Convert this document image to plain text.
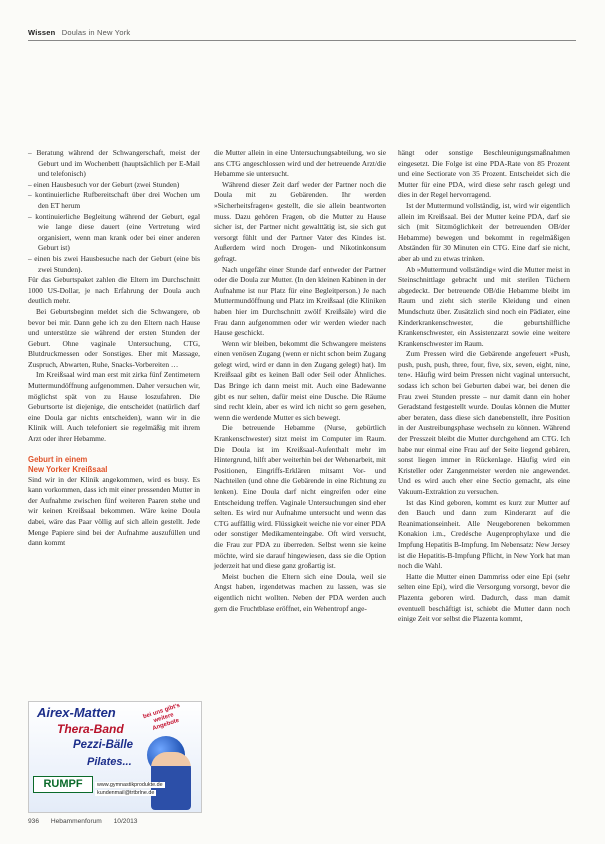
Wissen Doulas in New York
– Beratung während der Schwangerschaft, meist der Geburt und im Wochenbett (hauptsächlich per E-Mail und telefonisch)
– einen Hausbesuch vor der Geburt (zwei Stunden)
– kontinuierliche Rufbereitschaft über drei Wochen um den ET herum
– kontinuierliche Begleitung während der Geburt, egal wie lange diese dauert (eine Vertretung wird organisiert, wenn man krank oder bei einer anderen Geburt ist)
– einen bis zwei Hausbesuche nach der Geburt (eine bis zwei Stunden).

Für das Geburtspaket zahlen die Eltern im Durchschnitt 1000 US-Dollar, je nach Erfahrung der Doula auch deutlich mehr.

Bei Geburtsbeginn meldet sich die Schwangere, ob bevor bei mir. Dann gehe ich zu den Eltern nach Hause und unterstütze sie während der ersten Stunden der Geburt. Ohne vaginale Untersuchung, CTG, Blutdruckmessen oder Sonstiges. Eher mit Massage, Zuspruch, Abwarten, Ruhe, Snacks-Vorbereiten …

Im Kreißsaal wird man erst mit zirka fünf Zentimetern Muttermundöffnung aufgenommen. Daher versuchen wir, möglichst spät von zu Hause loszufahren. Die Geburtsorte ist diejenige, die entscheidet (natürlich darf eine Doula gar nichts entscheiden), wann wir in die Klinik will. Auch telefoniert sie regelmäßig mit ihrem Arzt oder ihrer Hebamme.

Geburt in einem
New Yorker Kreißsaal

Sind wir in der Klinik angekommen, wird es busy. Es kann vorkommen, dass ich mit einer pressenden Mutter in der Aufnahme zwischen fünf weiteren Paaren stehe und wir keinen Kreißsaal bekommen. Wäre keine Doula dabei, wäre das Paar völlig auf sich allein gestellt. Jede Menge Papiere sind bei der Aufnahme auszufüllen und dann kommt

die Mutter allein in eine Untersuchungsabteilung, wo sie ans CTG angeschlossen wird und der hetreuende Arzt/die Hebamme sie untersucht.

Während dieser Zeit darf weder der Partner noch die Doula mit zu Gebärenden. Ihr werden »Sicherheitsfragen« gestellt, die sie allein beantworten muss. Dazu gehören Fragen, ob die Mutter zu Hause sicher ist, der Partner nicht gewalttätig ist, sie sich gut versorgt fühlt und der Partner Vater des Kindes ist. Außerdem wird noch Drogen- und Nikotinkonsum gefragt.

Nach ungefähr einer Stunde darf entweder der Partner oder die Doula zur Mutter. (In den kleinen Kabinen in der Aufnahme ist nur Platz für eine Begleitperson.) Je nach Muttermundöffnung und Platz im Kreißsaal (die Kliniken haben hier im Durchschnitt zwölf Kreißsäle) wird die Frau dann aufgenommen oder wir werden wieder nach Hause geschickt.

Wenn wir bleiben, bekommt die Schwangere meistens einen venösen Zugang (wenn er nicht schon beim Zugang gelegt wird, wird er dann in den Zugang gelegt) hat). Im Kreißsaal gibt es keinen Ball oder Seil oder Ähnliches. Das Bringe ich dann meist mit. Auch eine Badewanne gibt es nur selten, dafür meist eine Dusche. Die Räume sind recht klein, aber es wird ich nicht so gern gesehen, wenn die werdende Mutter es sich bewegt.

Die betreuende Hebamme (Nurse, gebürtlich Krankenschwester) sitzt meist im Computer im Raum. Die Doula ist im Kreißsaal-Aufenthalt mehr im Hintergrund, hilft aber weiterhin bei der Wehenarbeit, mit Positionen, Eingriffs-Erklären mitsamt Vor- und Nachteilen (und ohne die Gebärende in eine Richtung zu lenken). Eine Doula darf nicht eingreifen oder eine Entscheidung treffen. Vaginale Untersuchungen sind eher selten. Es wird nur Aufnahme untersucht und wenn das CTG auffällig wird. Flüssigkeit weiche nie vor einer PDA oder sonstiger Medikamenteingabe. Oft wird versucht, die Frau zur PDA zu überreden. Selbst wenn sie keine möchte, wird sie darauf hingewiesen, dass sie die Option jederzeit hat und diese ganz großartig ist.

Meist buchen die Eltern sich eine Doula, weil sie Angst haben, irgendetwas machen zu lassen, was sie eigentlich nicht wollten. Neben der PDA werden auch gern die Fruchtblase eröffnet, ein Wehentropf ange-

hängt oder sonstige Beschleunigungsmaßnahmen eingesetzt. Die Folge ist eine PDA-Rate von 85 Prozent und eine Sectiorate von 35 Prozent. Entscheidet sich die Mutter für eine PDA, wird diese sehr rasch gelegt und dies in der Regel hervorragend.

Ist der Muttermund vollständig, ist, wird wir eigentlich allein im Kreißsaal. Bei der Mutter keine PDA, darf sie sich (mit Sitzmöglichkeit der betreuenden OB/der Hebamme) bewegen und bekommt in regelmäßigen Abständen für 30 Minuten ein CTG. Eine darf sie nicht, aber ab und zu etwas trinken.

Ab »Muttermund vollständig« wird die Mutter meist in Steinschnittlage gebracht und mit sterilen Tüchern abgedeckt. Der betreuende OB/die Hebamme bleibt im Raum und zieht sich sterile Kleidung und einen Mundschutz über. Zusätzlich sind noch ein Pädiater, eine Kinderkrankenschwester, die geburtshilfliche Krankenschwester, ein Assistenzarzt sowie eine weitere Krankenschwester im Raum.

Zum Pressen wird die Gebärende angefeuert »Push, push, push, push, three, four, five, six, seven, eight, nine, ten«. Häufig wird beim Pressen nicht vaginal untersucht, sodass ich schon bei Geburten dabei war, bei denen die Frau zwei Stunden presste – nur damit dann ein hoher Geradstand festgestellt wurde. Doulas können die Mutter aber beraten, dass diese sich danebenstellt, ihre Position in der Austreibungsphase wechseln zu können. Während der Presszeit bleibt die Mutter durchgehend am CTG. Ich habe nur einmal eine Frau auf der Seite liegend gebären, sonst liegen immer in Rückenlage. Häufig wird ein Kristeller oder Zangenmeister werden nie angewendet. Und es wird auch eher eine Sectio gemacht, als eine Vakuum-Extraktion zu versuchen.

Ist das Kind geboren, kommt es kurz zur Mutter auf den Bauch und dann zum Kinderarzt auf die Reanimationseinheit. Alle Neugeborenen bekommen Konakion i.m., Credésche Augenprophylaxe und die Impfung Hepatitis B-Impfung. Im Nebensatz: New Jersey ist die Hepatitis-B-Impfung Pflicht, in New York hat man noch die Wahl.

Hatte die Mutter einen Dammriss oder eine Epi (sehr selten eine Epi), wird die Versorgung vorsorgt, bevor die Plazenta geboren wird. Dadurch, dass man damit eventuell beschäftigt ist, schiebt die Mutter dann noch einige Zeit vor selbst die Plazenta kommt,

Airex-Matten
Thera-Band
Pezzi-Bälle
Pilates...
bei uns gibt's weitere Angebote
RUMPF	www.gymnastikprodukte.de
kundenmail@trtbrlne.de
936 Hebammenforum 10/2013
